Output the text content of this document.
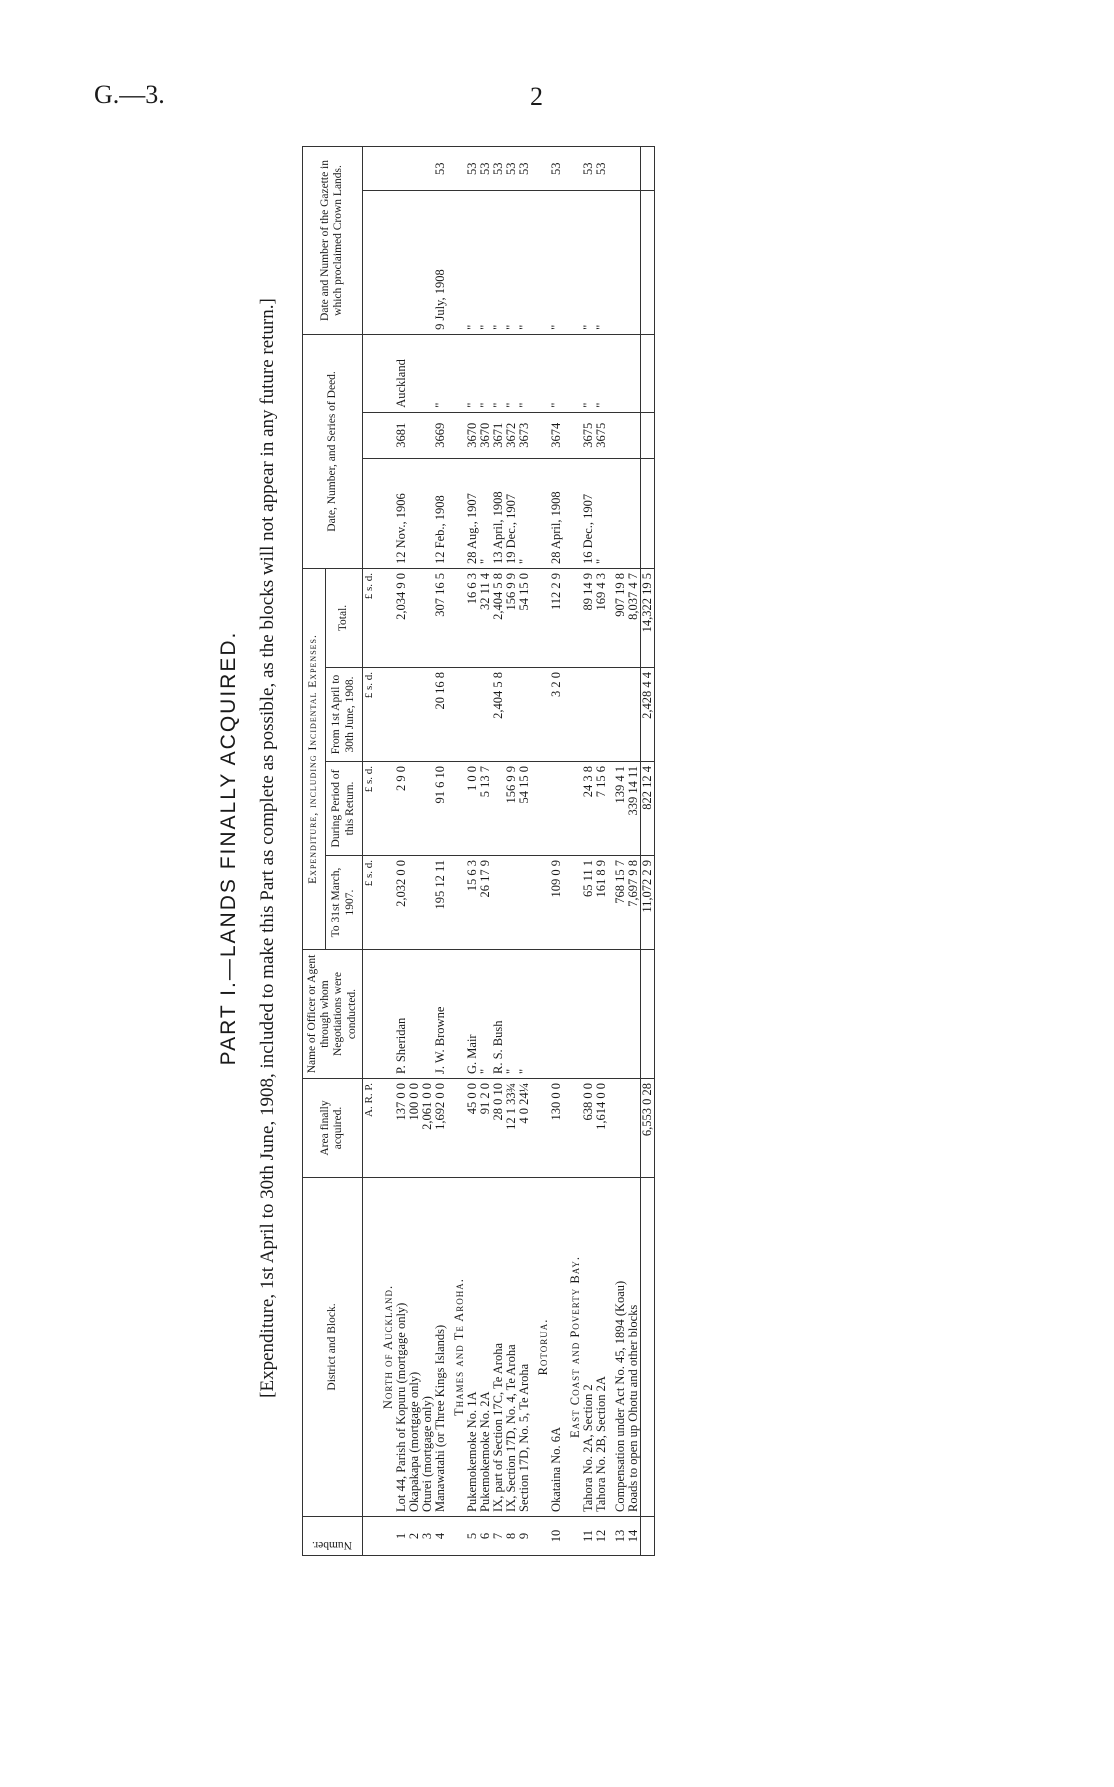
G.—3.	2
PART I.—LANDS FINALLY ACQUIRED. [Expenditure, 1st April to 30th June, 1908, included to make this Part as complete as possible, as the blocks will not appear in any future return.]
Number.	District and Block.	Area finally acquired.	Name of Officer or Agent through whom Negotiations were conducted.	Expenditure, including Incidental Expenses.				Date, Number, and Series of Deed.			Date and Number of the Gazette in which proclaimed Crown Lands.	
				To 31st March, 1907.	During Period of this Return.	From 1st April to 30th June, 1908.	Total.					
		A. R. P.		£ s. d.	£ s. d.	£ s. d.	£ s. d.					
	North of Auckland.											
1	Lot 44, Parish of Kopuru (mortgage only)	137 0 0	P. Sheridan	2,032 0 0	2 9 0		2,034 9 0	12 Nov., 1906	3681	Auckland		
2	Okapakapa (mortgage only)	100 0 0										
3	Oturei (mortgage only)	2,061 0 0										
4	Manawatahi (or Three Kings Islands)	1,692 0 0	J. W. Browne	195 12 11	91 6 10	20 16 8	307 16 5	12 Feb., 1908	3669	"	9 July, 1908	53
	Thames and Te Aroha.											
5	Pukemokemoke No. 1A	45 0 0	G. Mair	15 6 3	1 0 0		16 6 3	28 Aug., 1907	3670	"	"	53
6	Pukemokemoke No. 2A	91 2 0	"	26 17 9	5 13 7		32 11 4	"	3670	"	"	53
7	IX, part of Section 17C, Te Aroha	28 0 10	R. S. Bush			2,404 5 8	2,404 5 8	13 April, 1908	3671	"	"	53
8	IX, Section 17D, No. 4, Te Aroha	12 1 33¾	"		156 9 9		156 9 9	19 Dec., 1907	3672	"	"	53
9	Section 17D, No. 5, Te Aroha	4 0 24¼	"		54 15 0		54 15 0	"	3673	"	"	53
	Rotorua.											
10	Okataina No. 6A	130 0 0		109 0 9		3 2 0	112 2 9	28 April, 1908	3674	"	"	53
	East Coast and Poverty Bay.											
11	Tahora No. 2A, Section 2	638 0 0		65 11 1	24 3 8		89 14 9	16 Dec., 1907	3675	"	"	53
12	Tahora No. 2B, Section 2A	1,614 0 0		161 8 9	7 15 6		169 4 3	"	3675	"	"	53

13	Compensation under Act No. 45, 1894 (Koau)			768 15 7	139 4 1		907 19 8					
14	Roads to open up Ohotu and other blocks			7,697 9 8	339 14 11		8,037 4 7					
		6,553 0 28		11,072 2 9	822 12 4	2,428 4 4	14,322 19 5					
